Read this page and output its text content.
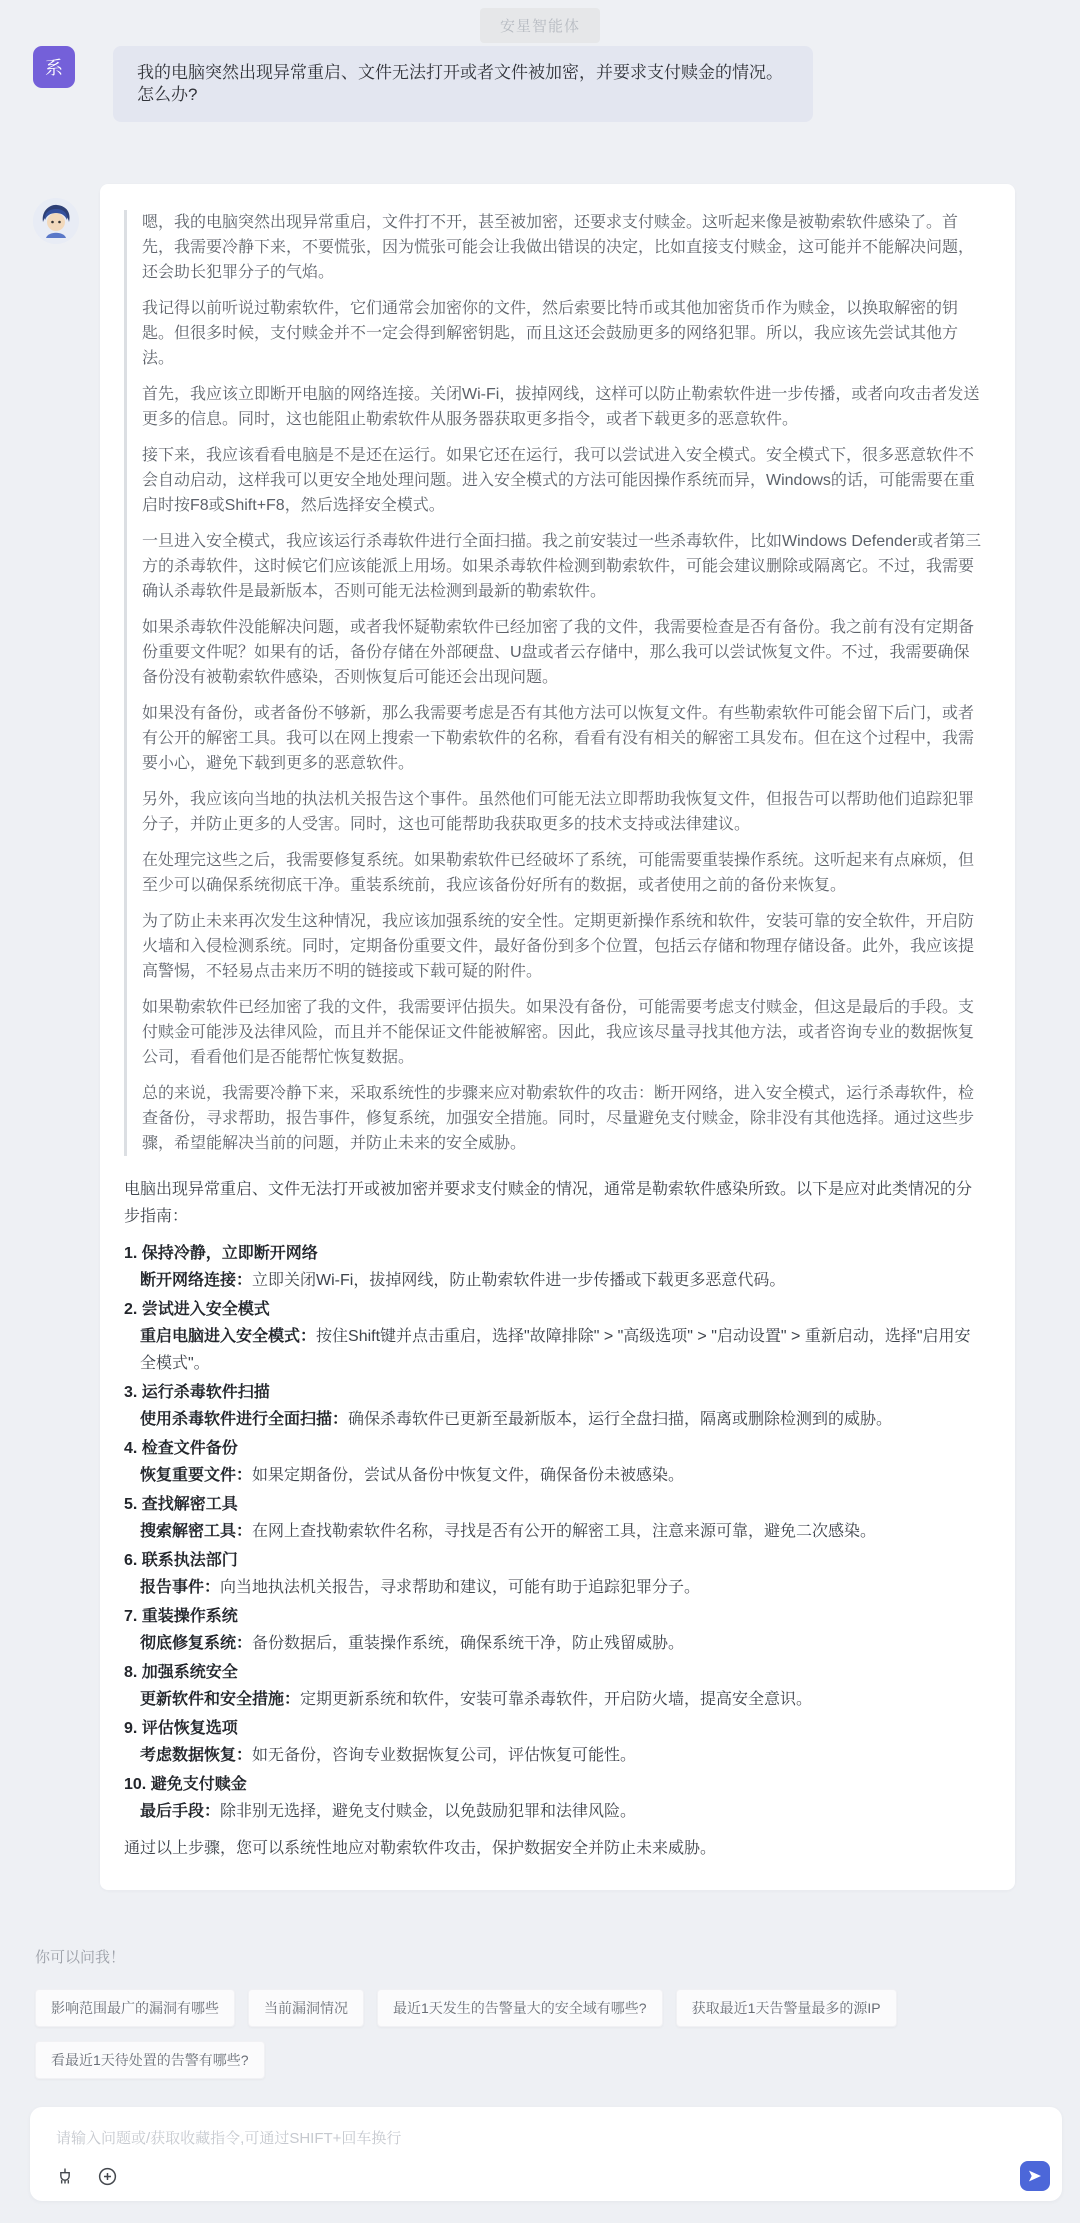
安星智能体
系	我的电脑突然出现异常重启、文件无法打开或者文件被加密，并要求支付赎金的情况。怎么办?

嗯，我的电脑突然出现异常重启，文件打不开，甚至被加密，还要求支付赎金。这听起来像是被勒索软件感染了。首先，我需要冷静下来，不要慌张，因为慌张可能会让我做出错误的决定，比如直接支付赎金，这可能并不能解决问题，还会助长犯罪分子的气焰。

我记得以前听说过勒索软件，它们通常会加密你的文件，然后索要比特币或其他加密货币作为赎金，以换取解密的钥匙。但很多时候，支付赎金并不一定会得到解密钥匙，而且这还会鼓励更多的网络犯罪。所以，我应该先尝试其他方法。

首先，我应该立即断开电脑的网络连接。关闭Wi-Fi，拔掉网线，这样可以防止勒索软件进一步传播，或者向攻击者发送更多的信息。同时，这也能阻止勒索软件从服务器获取更多指令，或者下载更多的恶意软件。

接下来，我应该看看电脑是不是还在运行。如果它还在运行，我可以尝试进入安全模式。安全模式下，很多恶意软件不会自动启动，这样我可以更安全地处理问题。进入安全模式的方法可能因操作系统而异，Windows的话，可能需要在重启时按F8或Shift+F8，然后选择安全模式。

一旦进入安全模式，我应该运行杀毒软件进行全面扫描。我之前安装过一些杀毒软件，比如Windows Defender或者第三方的杀毒软件，这时候它们应该能派上用场。如果杀毒软件检测到勒索软件，可能会建议删除或隔离它。不过，我需要确认杀毒软件是最新版本，否则可能无法检测到最新的勒索软件。

如果杀毒软件没能解决问题，或者我怀疑勒索软件已经加密了我的文件，我需要检查是否有备份。我之前有没有定期备份重要文件呢？如果有的话，备份存储在外部硬盘、U盘或者云存储中，那么我可以尝试恢复文件。不过，我需要确保备份没有被勒索软件感染，否则恢复后可能还会出现问题。

如果没有备份，或者备份不够新，那么我需要考虑是否有其他方法可以恢复文件。有些勒索软件可能会留下后门，或者有公开的解密工具。我可以在网上搜索一下勒索软件的名称，看看有没有相关的解密工具发布。但在这个过程中，我需要小心，避免下载到更多的恶意软件。

另外，我应该向当地的执法机关报告这个事件。虽然他们可能无法立即帮助我恢复文件，但报告可以帮助他们追踪犯罪分子，并防止更多的人受害。同时，这也可能帮助我获取更多的技术支持或法律建议。

在处理完这些之后，我需要修复系统。如果勒索软件已经破坏了系统，可能需要重装操作系统。这听起来有点麻烦，但至少可以确保系统彻底干净。重装系统前，我应该备份好所有的数据，或者使用之前的备份来恢复。

为了防止未来再次发生这种情况，我应该加强系统的安全性。定期更新操作系统和软件，安装可靠的安全软件，开启防火墙和入侵检测系统。同时，定期备份重要文件，最好备份到多个位置，包括云存储和物理存储设备。此外，我应该提高警惕，不轻易点击来历不明的链接或下载可疑的附件。

如果勒索软件已经加密了我的文件，我需要评估损失。如果没有备份，可能需要考虑支付赎金，但这是最后的手段。支付赎金可能涉及法律风险，而且并不能保证文件能被解密。因此，我应该尽量寻找其他方法，或者咨询专业的数据恢复公司，看看他们是否能帮忙恢复数据。

总的来说，我需要冷静下来，采取系统性的步骤来应对勒索软件的攻击：断开网络，进入安全模式，运行杀毒软件，检查备份，寻求帮助，报告事件，修复系统，加强安全措施。同时，尽量避免支付赎金，除非没有其他选择。通过这些步骤，希望能解决当前的问题，并防止未来的安全威胁。

电脑出现异常重启、文件无法打开或被加密并要求支付赎金的情况，通常是勒索软件感染所致。以下是应对此类情况的分步指南：
1. 保持冷静，立即断开网络
断开网络连接：立即关闭Wi-Fi，拔掉网线，防止勒索软件进一步传播或下载更多恶意代码。
2. 尝试进入安全模式
重启电脑进入安全模式：按住Shift键并点击重启，选择"故障排除" > "高级选项" > "启动设置" > 重新启动，选择"启用安全模式"。
3. 运行杀毒软件扫描
使用杀毒软件进行全面扫描：确保杀毒软件已更新至最新版本，运行全盘扫描，隔离或删除检测到的威胁。
4. 检查文件备份
恢复重要文件：如果定期备份，尝试从备份中恢复文件，确保备份未被感染。
5. 查找解密工具
搜索解密工具：在网上查找勒索软件名称，寻找是否有公开的解密工具，注意来源可靠，避免二次感染。
6. 联系执法部门
报告事件：向当地执法机关报告，寻求帮助和建议，可能有助于追踪犯罪分子。
7. 重装操作系统
彻底修复系统：备份数据后，重装操作系统，确保系统干净，防止残留威胁。
8. 加强系统安全
更新软件和安全措施：定期更新系统和软件，安装可靠杀毒软件，开启防火墙，提高安全意识。
9. 评估恢复选项
考虑数据恢复：如无备份，咨询专业数据恢复公司，评估恢复可能性。
10. 避免支付赎金
最后手段：除非别无选择，避免支付赎金，以免鼓励犯罪和法律风险。
通过以上步骤，您可以系统性地应对勒索软件攻击，保护数据安全并防止未来威胁。
你可以问我！
影响范围最广的漏洞有哪些	当前漏洞情况	最近1天发生的告警量大的安全域有哪些?	获取最近1天告警量最多的源IP
看最近1天待处置的告警有哪些?
请输入问题或/获取收藏指令,可通过SHIFT+回车换行
